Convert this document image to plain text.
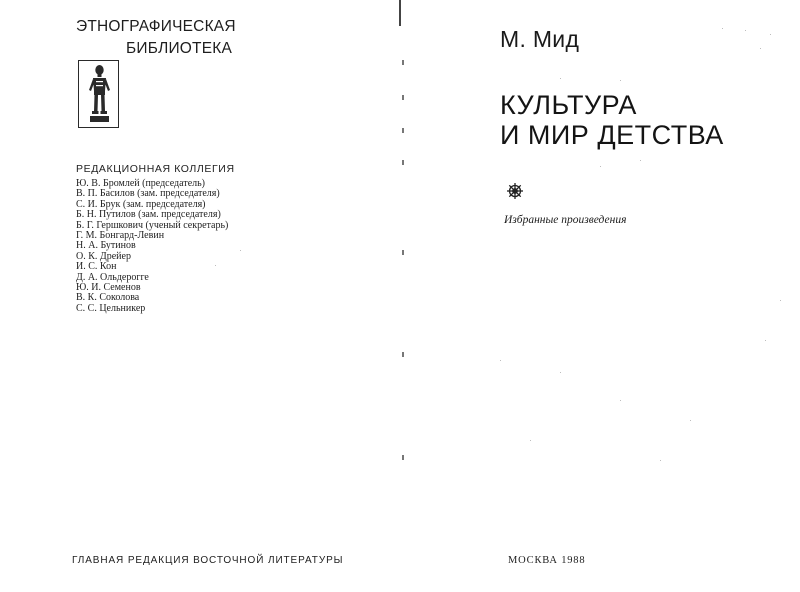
ЭТНОГРАФИЧЕСКАЯ
БИБЛИОТЕКА
РЕДАКЦИОННАЯ КОЛЛЕГИЯ
Ю. В. Бромлей (председатель)
В. П. Басилов (зам. председателя)
С. И. Брук (зам. председателя)
Б. Н. Путилов (зам. председателя)
Б. Г. Гершкович (ученый секретарь)
Г. М. Бонгард-Левин
Н. А. Бутинов
О. К. Дрейер
И. С. Кон
Д. А. Ольдерогге
Ю. И. Семенов
В. К. Соколова
С. С. Цельникер
ГЛАВНАЯ РЕДАКЦИЯ ВОСТОЧНОЙ ЛИТЕРАТУРЫ
М. Мид
КУЛЬТУРА
И МИР ДЕТСТВА
Избранные произведения
МОСКВА 1988
